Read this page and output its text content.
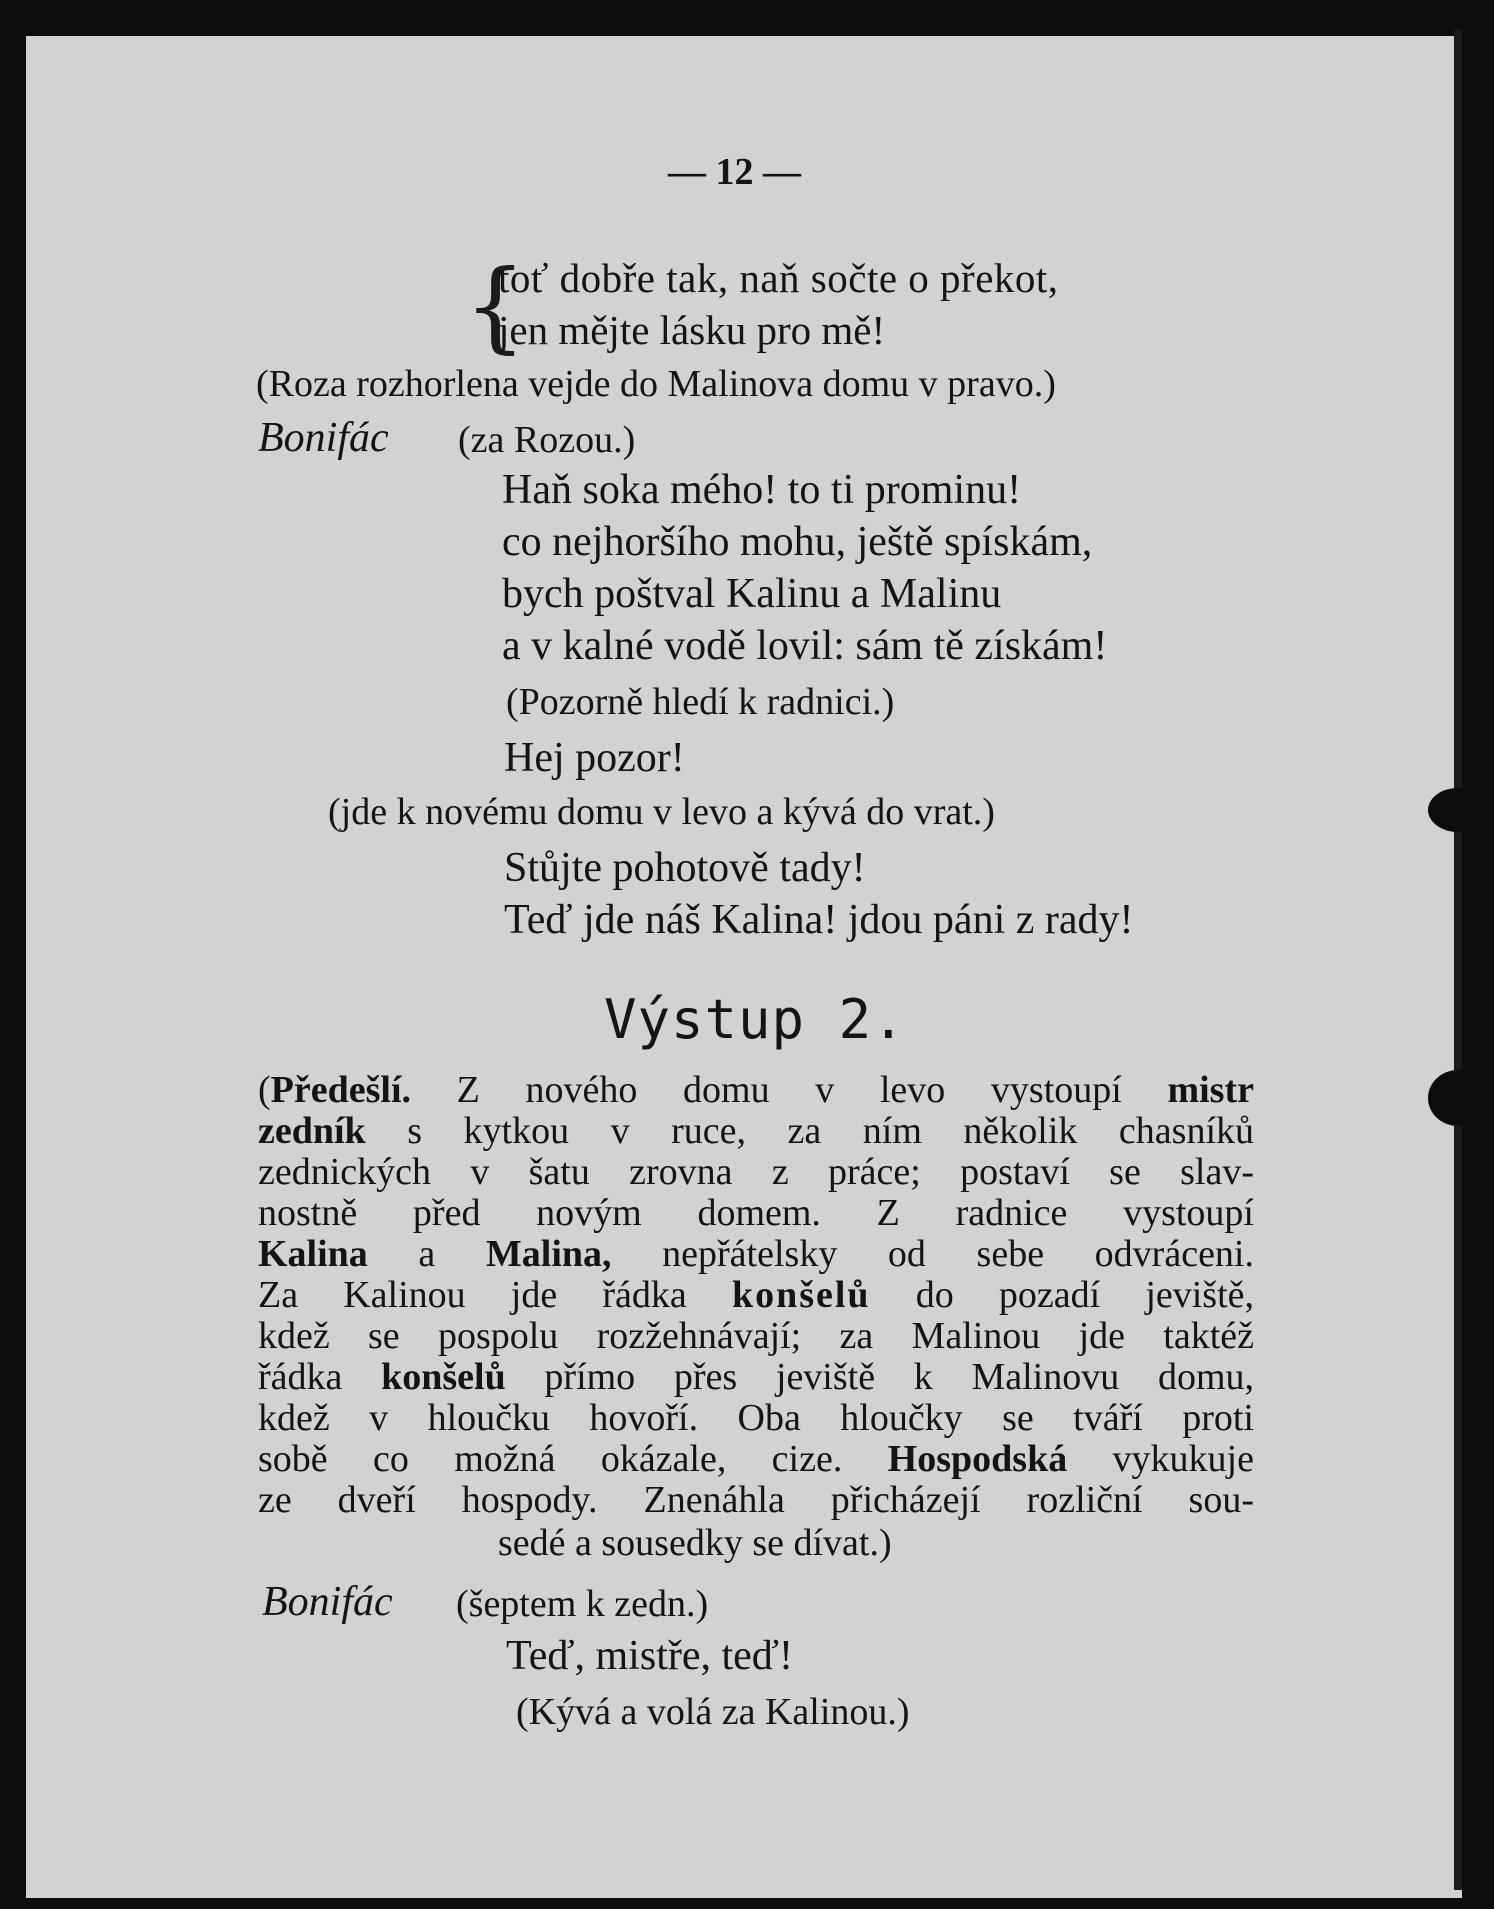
— 12 —
{
toť dobře tak, naň sočte o překot,
jen mějte lásku pro mě!
(Roza rozhorlena vejde do Malinova domu v pravo.)
Bonifác (za Rozou.)
Haň soka mého! to ti prominu!
co nejhoršího mohu, ještě spískám,
bych poštval Kalinu a Malinu
a v kalné vodě lovil: sám tě získám!
(Pozorně hledí k radnici.)
Hej pozor!
(jde k novému domu v levo a kývá do vrat.)
Stůjte pohotově tady!
Teď jde náš Kalina! jdou páni z rady!
Výstup 2.
(Předešlí. Z nového domu v levo vystoupí mistr
zedník s kytkou v ruce, za ním několik chasníků
zednických v šatu zrovna z práce; postaví se slav-
nostně před novým domem. Z radnice vystoupí
Kalina a Malina, nepřátelsky od sebe odvráceni.
Za Kalinou jde řádka konšelů do pozadí jeviště,
kdež se pospolu rozžehnávají; za Malinou jde taktéž
řádka konšelů přímo přes jeviště k Malinovu domu,
kdež v hloučku hovoří. Oba hloučky se tváří proti
sobě co možná okázale, cize. Hospodská vykukuje
ze dveří hospody. Znenáhla přicházejí rozliční sou-
sedé a sousedky se dívat.)
Bonifác (šeptem k zedn.)
Teď, mistře, teď!
(Kývá a volá za Kalinou.)
